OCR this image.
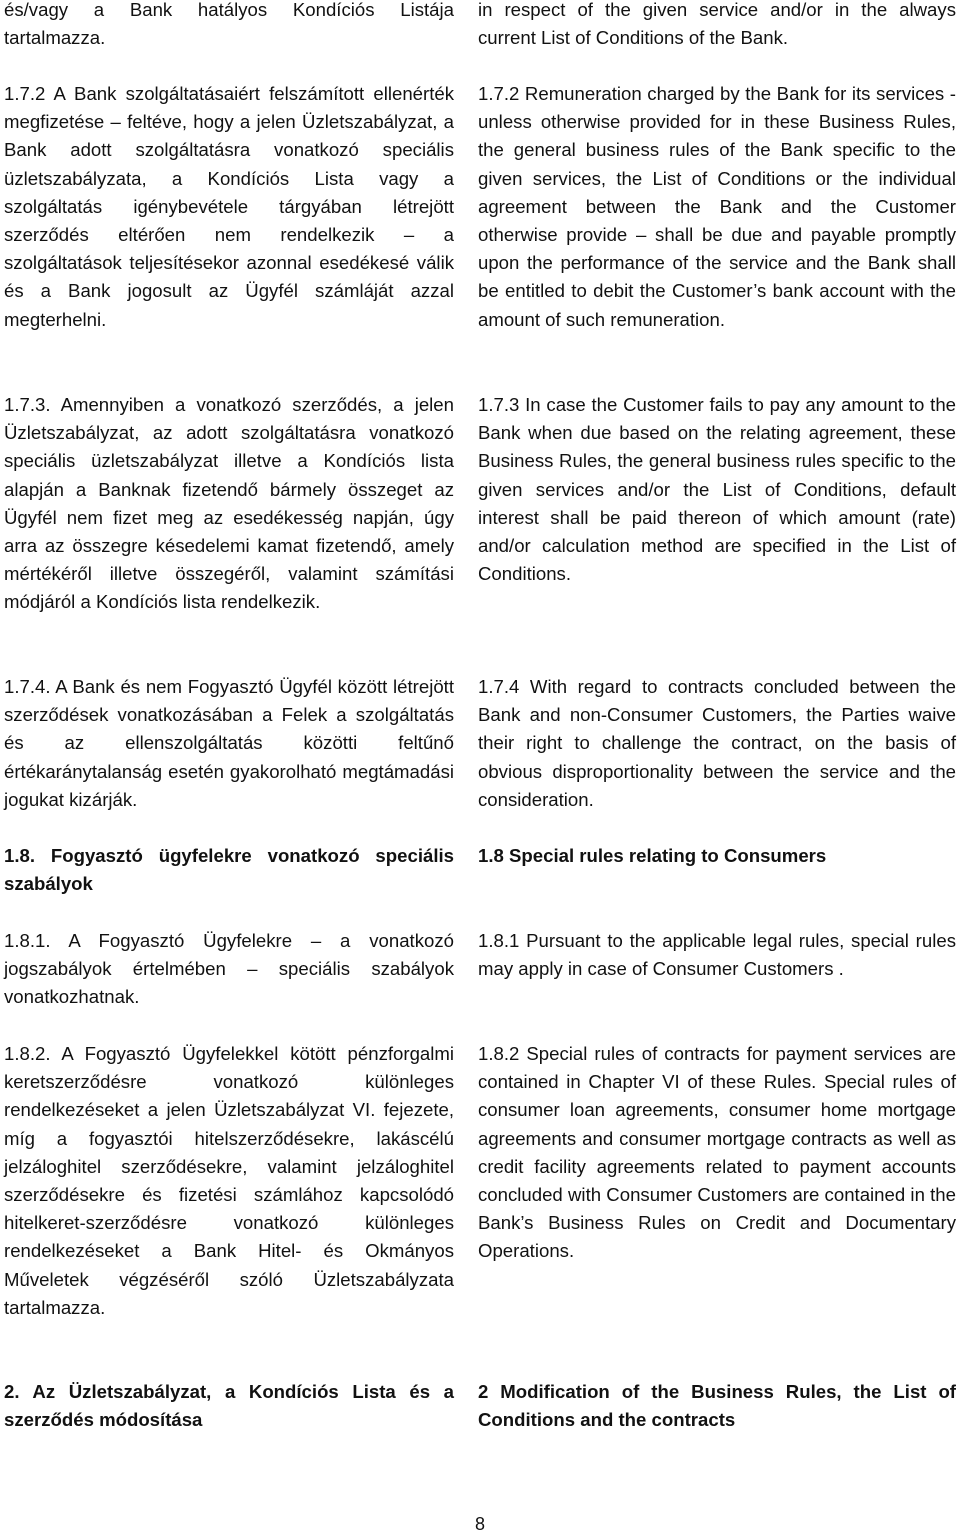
és/vagy a Bank hatályos Kondíciós Listája tartalmazza.

1.7.2 A Bank szolgáltatásaiért felszámított ellenérték megfizetése – feltéve, hogy a jelen Üzletszabályzat, a Bank adott szolgáltatásra vonatkozó speciális üzletszabályzata, a Kondíciós Lista vagy a szolgáltatás igénybevétele tárgyában létrejött szerződés eltérően nem rendelkezik – a szolgáltatások teljesítésekor azonnal esedékesé válik és a Bank jogosult az Ügyfél számláját azzal megterhelni.

1.7.3. Amennyiben a vonatkozó szerződés, a jelen Üzletszabályzat, az adott szolgáltatásra vonatkozó speciális üzletszabályzat illetve a Kondíciós lista alapján a Banknak fizetendő bármely összeget az Ügyfél nem fizet meg az esedékesség napján, úgy arra az összegre késedelemi kamat fizetendő, amely mértékéről illetve összegéről, valamint számítási módjáról a Kondíciós lista rendelkezik.

1.7.4. A Bank és nem Fogyasztó Ügyfél között létrejött szerződések vonatkozásában a Felek a szolgáltatás és az ellenszolgáltatás közötti feltűnő értékaránytalanság esetén gyakorolható megtámadási jogukat kizárják.

1.8. Fogyasztó ügyfelekre vonatkozó speciális szabályok

1.8.1. A Fogyasztó Ügyfelekre – a vonatkozó jogszabályok értelmében – speciális szabályok vonatkozhatnak.

1.8.2. A Fogyasztó Ügyfelekkel kötött pénzforgalmi keretszerződésre vonatkozó különleges rendelkezéseket a jelen Üzletszabályzat VI. fejezete, míg a fogyasztói hitelszerződésekre, lakáscélú jelzáloghitel szerződésekre, valamint jelzáloghitel szerződésekre és fizetési számlához kapcsolódó hitelkeret-szerződésre vonatkozó különleges rendelkezéseket a Bank Hitel- és Okmányos Műveletek végzéséről szóló Üzletszabályzata tartalmazza.

2. Az Üzletszabályzat, a Kondíciós Lista és a szerződés módosítása

in respect of the given service and/or in the always current List of Conditions of the Bank.

1.7.2 Remuneration charged by the Bank for its services - unless otherwise provided for in these Business Rules, the general business rules of the Bank specific to the given services, the List of Conditions or the individual agreement between the Bank and the Customer otherwise provide – shall be due and payable promptly upon the performance of the service and the Bank shall be entitled to debit the Customer’s bank account with the amount of such remuneration.

1.7.3 In case the Customer fails to pay any amount to the Bank when due based on the relating agreement, these Business Rules, the general business rules specific to the given services and/or the List of Conditions, default interest shall be paid thereon of which amount (rate) and/or calculation method are specified in the List of Conditions.

1.7.4 With regard to contracts concluded between the Bank and non-Consumer Customers, the Parties waive their right to challenge the contract, on the basis of obvious disproportionality between the service and the consideration.

1.8 Special rules relating to Consumers

1.8.1 Pursuant to the applicable legal rules, special rules may apply in case of Consumer Customers .

1.8.2 Special rules of contracts for payment services are contained in Chapter VI of these Rules. Special rules of consumer loan agreements, consumer home mortgage agreements and consumer mortgage contracts as well as credit facility agreements related to payment accounts concluded with Consumer Customers are contained in the Bank’s Business Rules on Credit and Documentary Operations.

2 Modification of the Business Rules, the List of Conditions and the contracts

8
